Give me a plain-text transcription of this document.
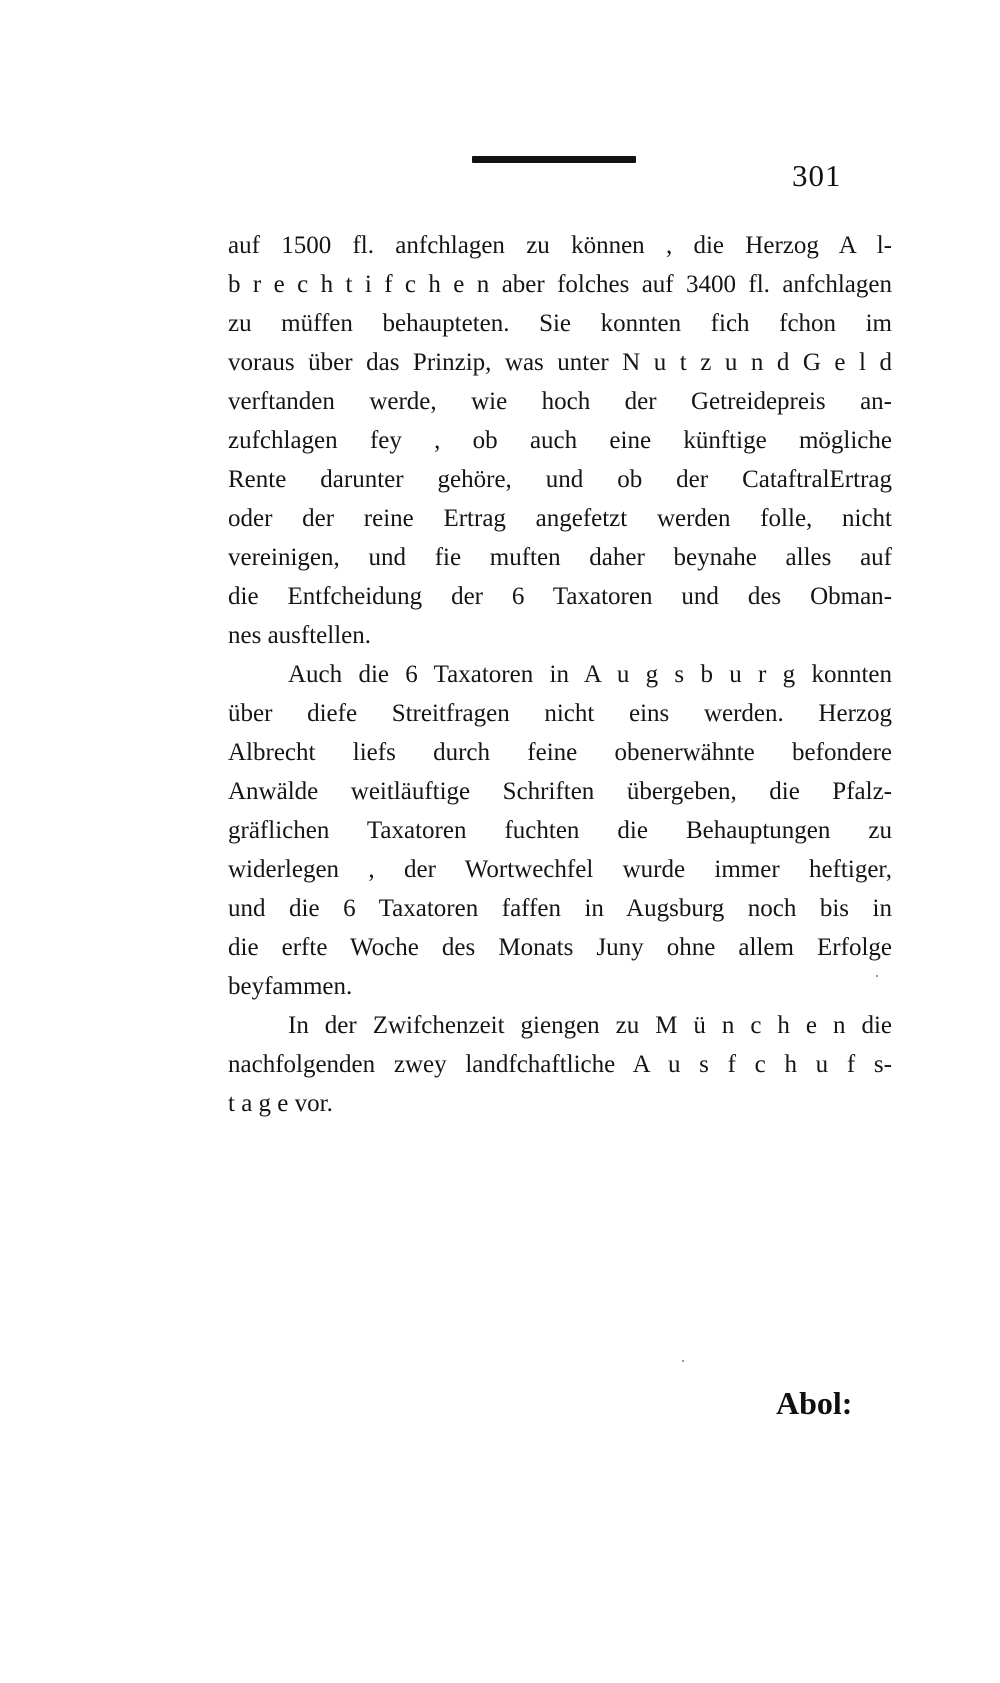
301
auf 1500 fl. anfchlagen zu können , die Herzog A l-
b r e c h t i f c h e n aber folches auf 3400 fl. anfchlagen
zu müffen behaupteten. Sie konnten fich fchon im
voraus über das Prinzip, was unter N u t z u n d G e l d
verftanden werde, wie hoch der Getreidepreis an-
zufchlagen fey , ob auch eine künftige mögliche
Rente darunter gehöre, und ob der CataftralErtrag
oder der reine Ertrag angefetzt werden folle, nicht
vereinigen, und fie muften daher beynahe alles auf
die Entfcheidung der 6 Taxatoren und des Obman-
nes ausftellen.
Auch die 6 Taxatoren in A u g s b u r g konnten
über diefe Streitfragen nicht eins werden. Herzog
Albrecht liefs durch feine obenerwähnte befondere
Anwälde weitläuftige Schriften übergeben, die Pfalz-
gräflichen Taxatoren fuchten die Behauptungen zu
widerlegen , der Wortwechfel wurde immer heftiger,
und die 6 Taxatoren faffen in Augsburg noch bis in
die erfte Woche des Monats Juny ohne allem Erfolge
beyfammen.
In der Zwifchenzeit giengen zu M ü n c h e n die
nachfolgenden zwey landfchaftliche A u s f c h u f s-
t a g e vor.
Abol:
